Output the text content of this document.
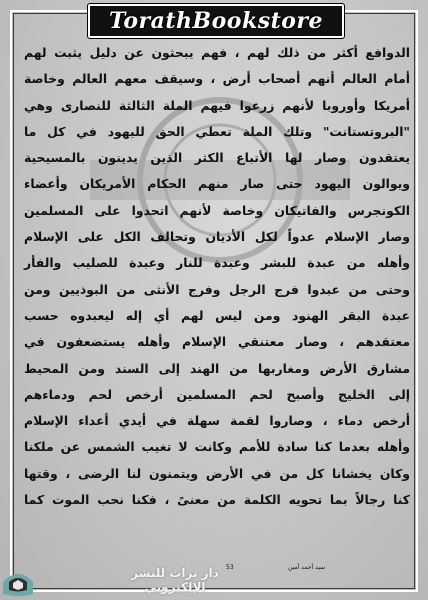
TorathBookstore
الدوافع أكثر من ذلك لهم ، فهم يبحثون عن دليل يثبت لهم
أمام العالم أنهم أصحاب أرض ، وسيقف معهم العالم وخاصة
أمريكا وأوروبا لأنهم زرعوا فيهم الملة الثالثة للنصارى وهي
"البروتستانت" وتلك الملة تعطي الحق لليهود في كل ما
يعتقدون وصار لها الأتباع الكثر الذين يدينون بالمسيحية
ويوالون اليهود حتى صار منهم الحكام الأمريكان وأعضاء
الكونجرس والفاتيكان وخاصة لأنهم اتحدوا على المسلمين
وصار الإسلام عدواً لكل الأديان وتحالف الكل على الإسلام
وأهله من عبدة للبشر وعبدة للنار وعبدة للصليب والفأر
وحتى من عبدوا فرج الرجل وفرج الأنثى من البوذيين ومن
عبدة البقر الهنود ومن ليس لهم أي إله ليعبدوه حسب
معتقدهم ، وصار معتنقي الإسلام وأهله يستضعفون في
مشارق الأرض ومغاربها من الهند إلى السند ومن المحيط
إلى الخليج وأصبح لحم المسلمين أرخص لحم ودماءهم
أرخص دماء ، وصاروا لقمة سهلة في أيدي أعداء الإسلام
وأهله بعدما كنا سادة للأمم وكانت لا تغيب الشمس عن ملكنا
وكان يخشانا كل من في الأرض ويتمنون لنا الرضى ، وقتها
كنا رجالاً بما تحويه الكلمة من معنىً ، فكنا نحب الموت كما
دار تراث للنشر الإلكتروني
53	سيد أحمد أمين
